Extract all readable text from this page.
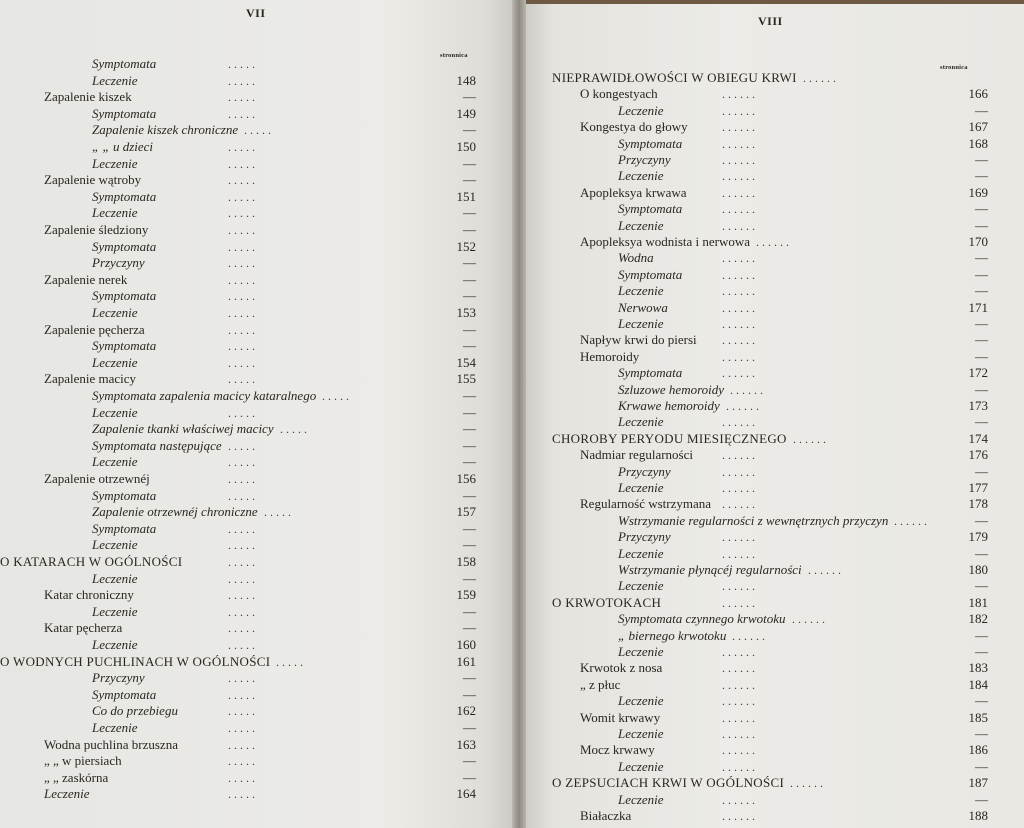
VII
stronnica
Symptomata	. . . . .
Leczenie	. . . . .	148
Zapalenie kiszek	. . . . .	—
Symptomata	. . . . .	149
Zapalenie kiszek chroniczne . . . . .	—
„ „ u dzieci	. . . . .	150
Leczenie	. . . . .	—
Zapalenie wątroby	. . . . .	—
Symptomata	. . . . .	151
Leczenie	. . . . .	—
Zapalenie śledziony	. . . . .	—
Symptomata	. . . . .	152
Przyczyny	. . . . .	—
Zapalenie nerek	. . . . .	—
Symptomata	. . . . .	—
Leczenie	. . . . .	153
Zapalenie pęcherza	. . . . .	—
Symptomata	. . . . .	—
Leczenie	. . . . .	154
Zapalenie macicy	. . . . .	155
Symptomata zapalenia macicy kataralnego . . . . .	—
Leczenie	. . . . .	—
Zapalenie tkanki właściwej macicy . . . . .	—
Symptomata następujące . . . . .	—
Leczenie	. . . . .	—
Zapalenie otrzewnéj	. . . . .	156
Symptomata	. . . . .	—
Zapalenie otrzewnéj chroniczne . . . . .	157
Symptomata	. . . . .	—
Leczenie	. . . . .	—
O KATARACH W OGÓLNOŚCI	. . . . .	158
Leczenie	. . . . .	—
Katar chroniczny	. . . . .	159
Leczenie	. . . . .	—
Katar pęcherza	. . . . .	—
Leczenie	. . . . .	160
O WODNYCH PUCHLINACH W OGÓLNOŚCI . . . . .	161
Przyczyny	. . . . .	—
Symptomata	. . . . .	—
Co do przebiegu	. . . . .	162
Leczenie	. . . . .	—
Wodna puchlina brzuszna	. . . . .	163
„ „ w piersiach	. . . . .	—
„ „ zaskórna	. . . . .	—
Leczenie	. . . . .	164
VIII
stronnica
NIEPRAWIDŁOWOŚCI W OBIEGU KRWI . . . . . .
O kongestyach	. . . . . .	166
Leczenie	. . . . . .	—
Kongestya do głowy	. . . . . .	167
Symptomata	. . . . . .	168
Przyczyny	. . . . . .	—
Leczenie	. . . . . .	—
Apopleksya krwawa	. . . . . .	169
Symptomata	. . . . . .	—
Leczenie	. . . . . .	—
Apopleksya wodnista i nerwowa . . . . . .	170
Wodna	. . . . . .	—
Symptomata	. . . . . .	—
Leczenie	. . . . . .	—
Nerwowa	. . . . . .	171
Leczenie	. . . . . .	—
Napływ krwi do piersi . . . . . .	—
Hemoroidy	. . . . . .	—
Symptomata	. . . . . .	172
Szluzowe hemoroidy . . . . . .	—
Krwawe hemoroidy . . . . . .	173
Leczenie	. . . . . .	—
CHOROBY PERYODU MIESIĘCZNEGO . . . . . .	174
Nadmiar regularności . . . . . .	176
Przyczyny	. . . . . .	—
Leczenie	. . . . . .	177
Regularność wstrzymana . . . . . .	178
Wstrzymanie regularności z wewnętrznych przyczyn . . . . . .	—
Przyczyny	. . . . . .	179
Leczenie	. . . . . .	—
Wstrzymanie płynącéj regularności . . . . . .	180
Leczenie	. . . . . .	—
O KRWOTOKACH	. . . . . .	181
Symptomata czynnego krwotoku . . . . . .	182
„ biernego krwotoku . . . . . .	—
Leczenie	. . . . . .	—
Krwotok z nosa	. . . . . .	183
„ z płuc	. . . . . .	184
Leczenie	. . . . . .	—
Womit krwawy	. . . . . .	185
Leczenie	. . . . . .	—
Mocz krwawy	. . . . . .	186
Leczenie	. . . . . .	—
O ZEPSUCIACH KRWI W OGÓLNOŚCI . . . . . .	187
Leczenie	. . . . . .	—
Białaczka	. . . . . .	188
